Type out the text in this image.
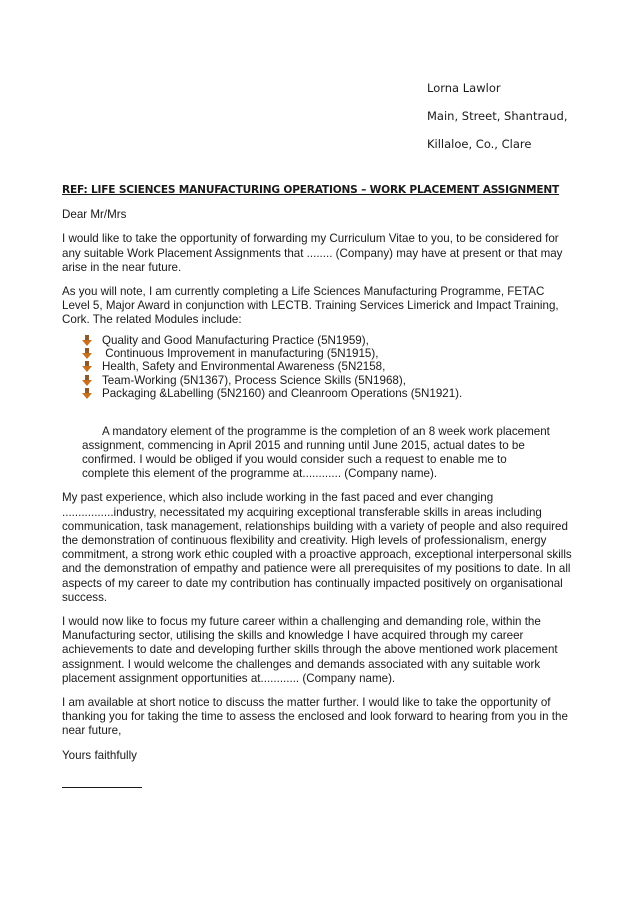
Lorna Lawlor
Main, Street, Shantraud,
Killaloe, Co., Clare
REF: LIFE SCIENCES MANUFACTURING OPERATIONS – WORK PLACEMENT ASSIGNMENT

Dear Mr/Mrs

I would like to take the opportunity of forwarding my Curriculum Vitae to you, to be considered for any suitable Work Placement Assignments that ........ (Company) may have at present or that may arise in the near future.

As you will note, I am currently completing a Life Sciences Manufacturing Programme, FETAC Level 5, Major Award in conjunction with LECTB. Training Services Limerick and Impact Training, Cork. The related Modules include:

Quality and Good Manufacturing Practice (5N1959),
Continuous Improvement in manufacturing (5N1915),
Health, Safety and Environmental Awareness (5N2158,
Team-Working (5N1367), Process Science Skills (5N1968),
Packaging &Labelling (5N2160) and Cleanroom Operations (5N1921).
A mandatory element of the programme is the completion of an 8 week work placement assignment, commencing in April 2015 and running until June 2015, actual dates to be confirmed. I would be obliged if you would consider such a request to enable me to complete this element of the programme at............ (Company name).

My past experience, which also include working in the fast paced and ever changing ................industry, necessitated my acquiring exceptional transferable skills in areas including communication, task management, relationships building with a variety of people and also required the demonstration of continuous flexibility and creativity. High levels of professionalism, energy commitment, a strong work ethic coupled with a proactive approach, exceptional interpersonal skills and the demonstration of empathy and patience were all prerequisites of my positions to date. In all aspects of my career to date my contribution has continually impacted positively on organisational success.

I would now like to focus my future career within a challenging and demanding role, within the Manufacturing sector, utilising the skills and knowledge I have acquired through my career achievements to date and developing further skills through the above mentioned work placement assignment. I would welcome the challenges and demands associated with any suitable work placement assignment opportunities at............ (Company name).

I am available at short notice to discuss the matter further. I would like to take the opportunity of thanking you for taking the time to assess the enclosed and look forward to hearing from you in the near future,

Yours faithfully
